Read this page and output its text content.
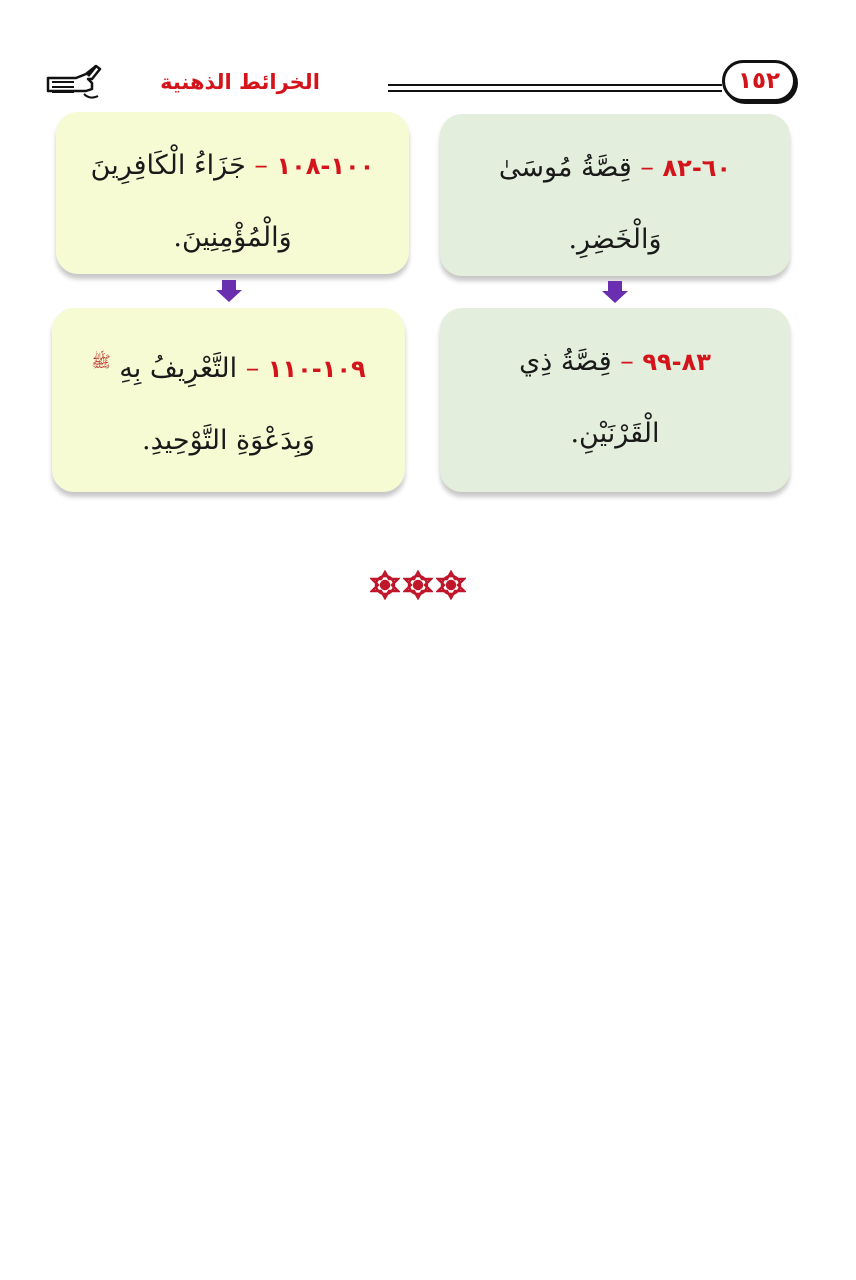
١٥٢
الخرائط الذهنية
٦٠-٨٢ – قِصَّةُ مُوسَىٰ
وَالْخَضِرِ.
١٠٠-١٠٨ – جَزَاءُ الْكَافِرِينَ
وَالْمُؤْمِنِينَ.
٨٣-٩٩ – قِصَّةُ ذِي
الْقَرْنَيْنِ.
١٠٩-١١٠ – التَّعْرِيفُ بِهِ $^ﷺ$
وَبِدَعْوَةِ التَّوْحِيدِ.
